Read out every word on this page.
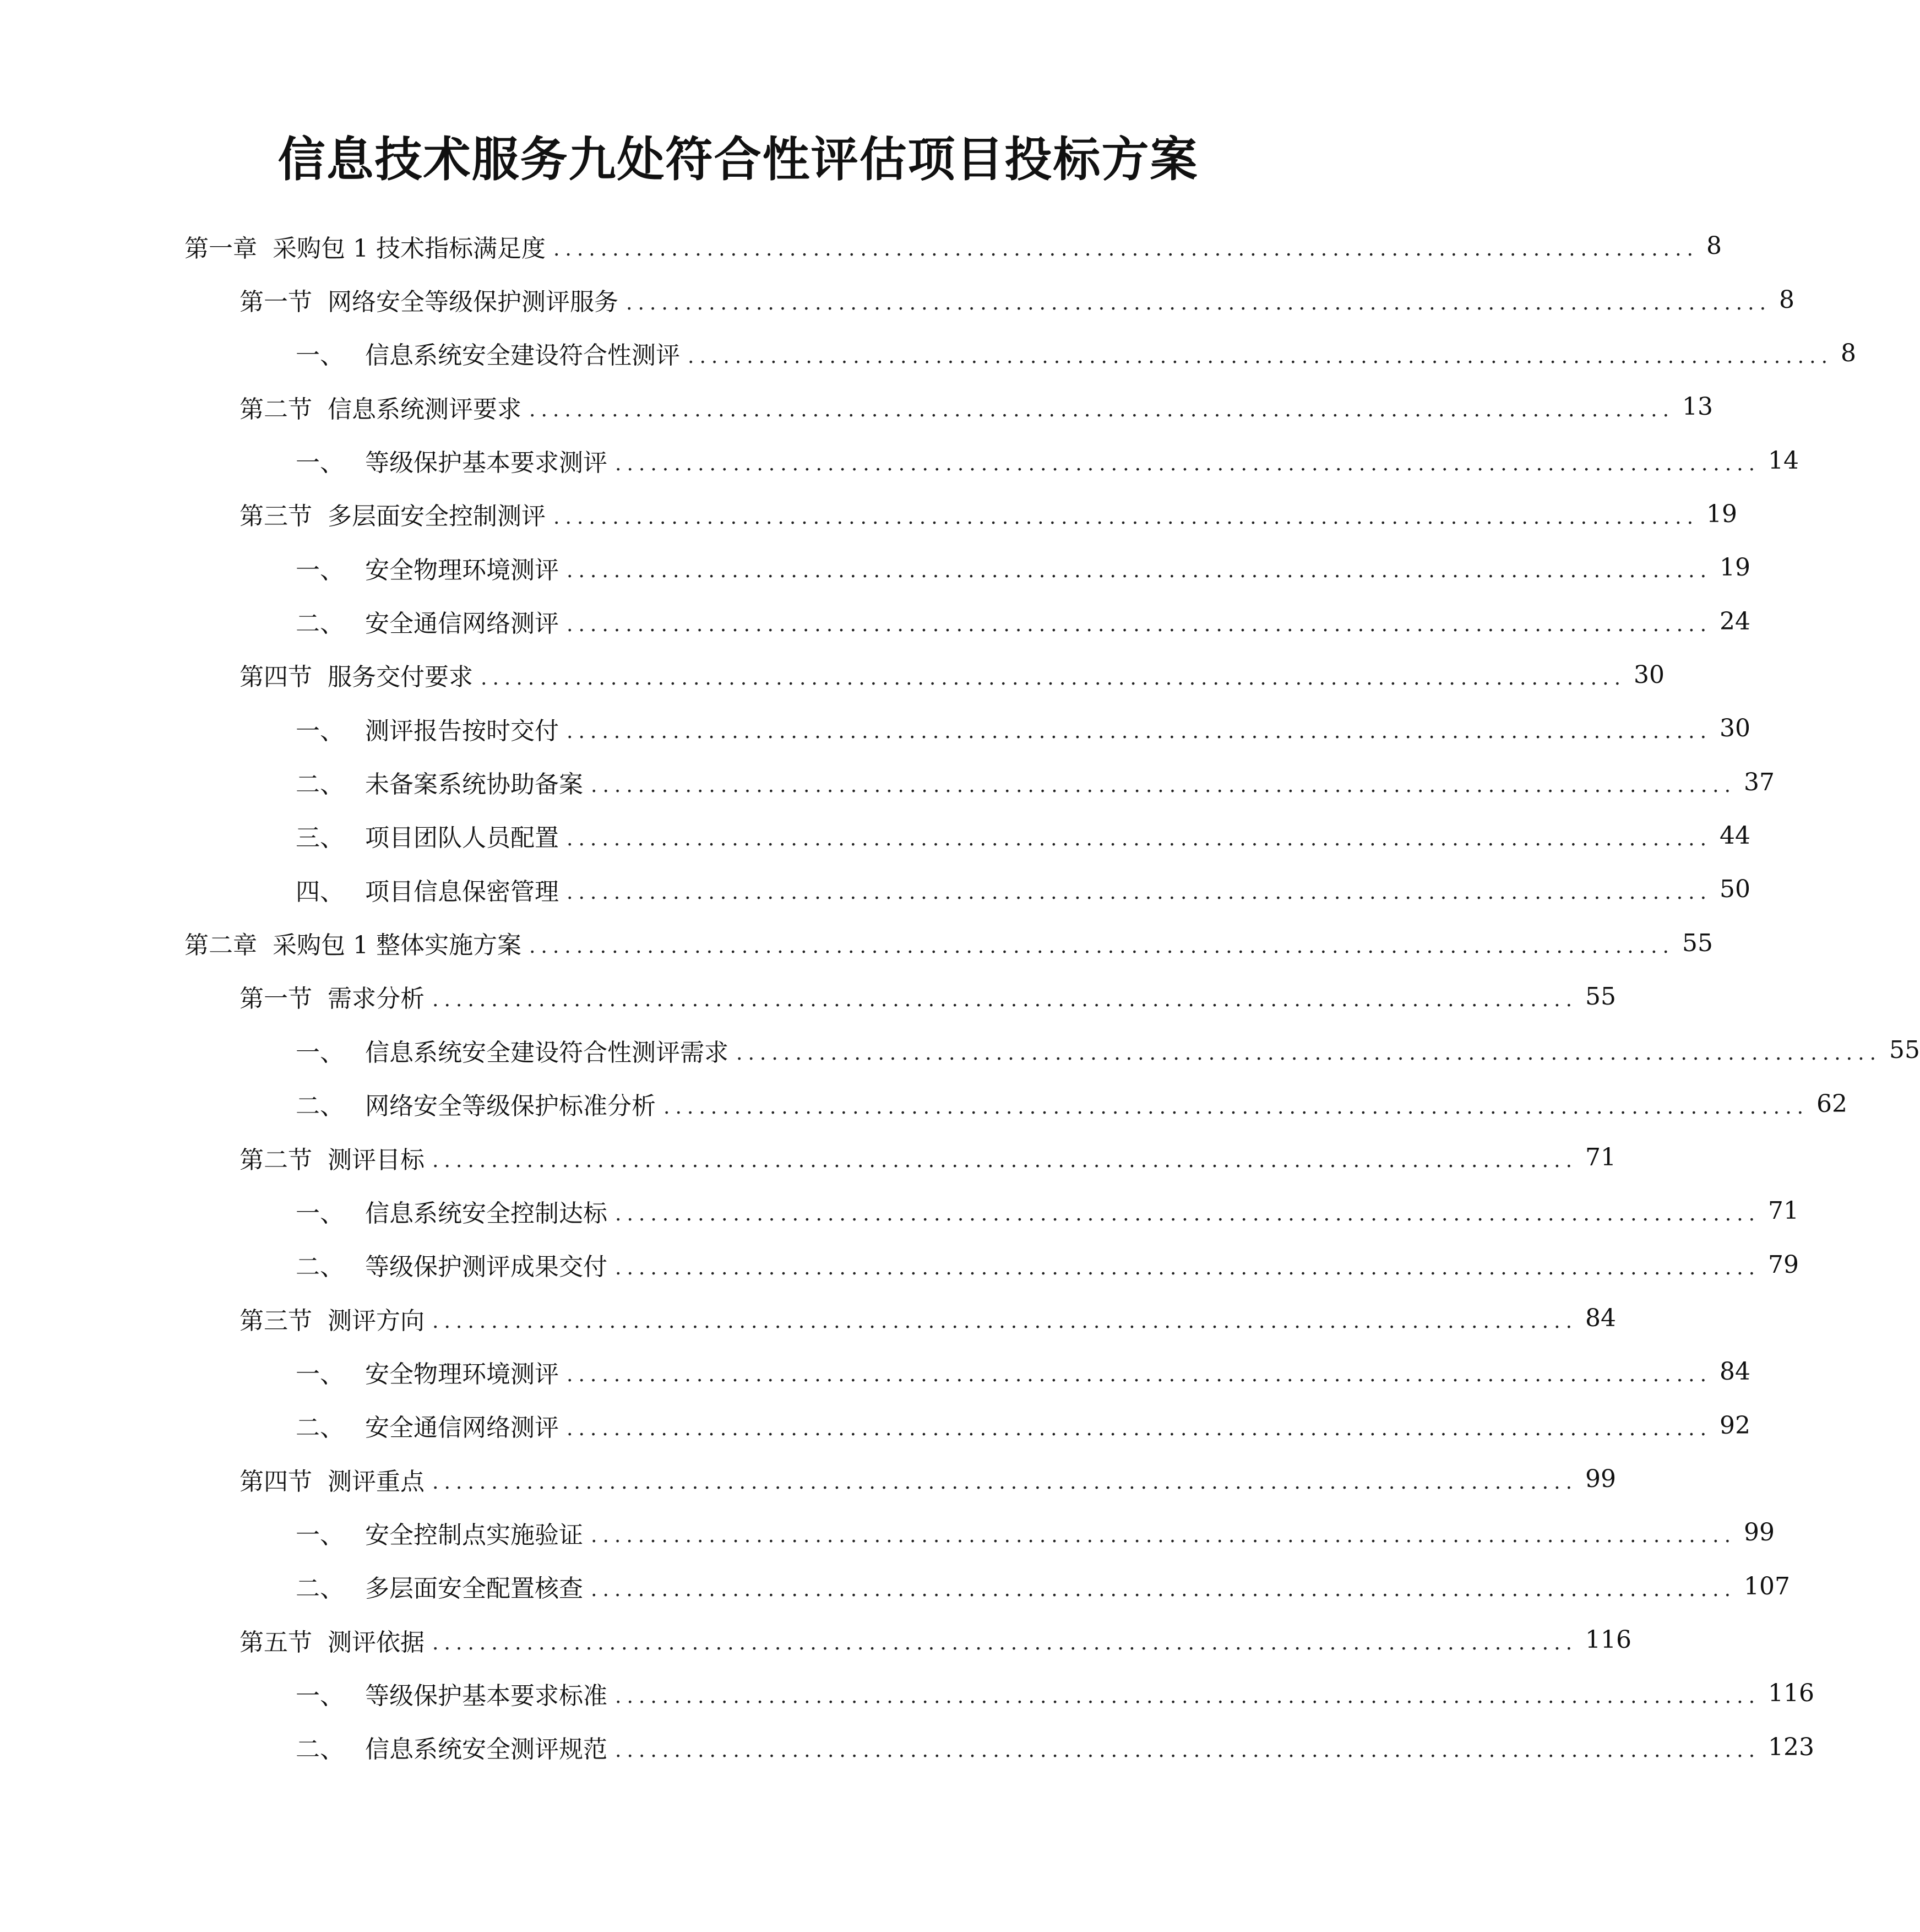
信息技术服务九处符合性评估项目投标方案
第一章 采购包 1 技术指标满足度 ................................................................................................. 8
第一节 网络安全等级保护测评服务 ................................................................................................. 8
一、 信息系统安全建设符合性测评 ................................................................................................. 8
第二节 信息系统测评要求 ................................................................................................. 13
一、 等级保护基本要求测评 ................................................................................................. 14
第三节 多层面安全控制测评 ................................................................................................. 19
一、 安全物理环境测评 ................................................................................................. 19
二、 安全通信网络测评 ................................................................................................. 24
第四节 服务交付要求 ................................................................................................. 30
一、 测评报告按时交付 ................................................................................................. 30
二、 未备案系统协助备案 ................................................................................................. 37
三、 项目团队人员配置 ................................................................................................. 44
四、 项目信息保密管理 ................................................................................................. 50
第二章 采购包 1 整体实施方案 ................................................................................................. 55
第一节 需求分析 ................................................................................................. 55
一、 信息系统安全建设符合性测评需求 ................................................................................................. 55
二、 网络安全等级保护标准分析 ................................................................................................. 62
第二节 测评目标 ................................................................................................. 71
一、 信息系统安全控制达标 ................................................................................................. 71
二、 等级保护测评成果交付 ................................................................................................. 79
第三节 测评方向 ................................................................................................. 84
一、 安全物理环境测评 ................................................................................................. 84
二、 安全通信网络测评 ................................................................................................. 92
第四节 测评重点 ................................................................................................. 99
一、 安全控制点实施验证 ................................................................................................. 99
二、 多层面安全配置核查 ................................................................................................. 107
第五节 测评依据 ................................................................................................. 116
一、 等级保护基本要求标准 ................................................................................................. 116
二、 信息系统安全测评规范 ................................................................................................. 123
